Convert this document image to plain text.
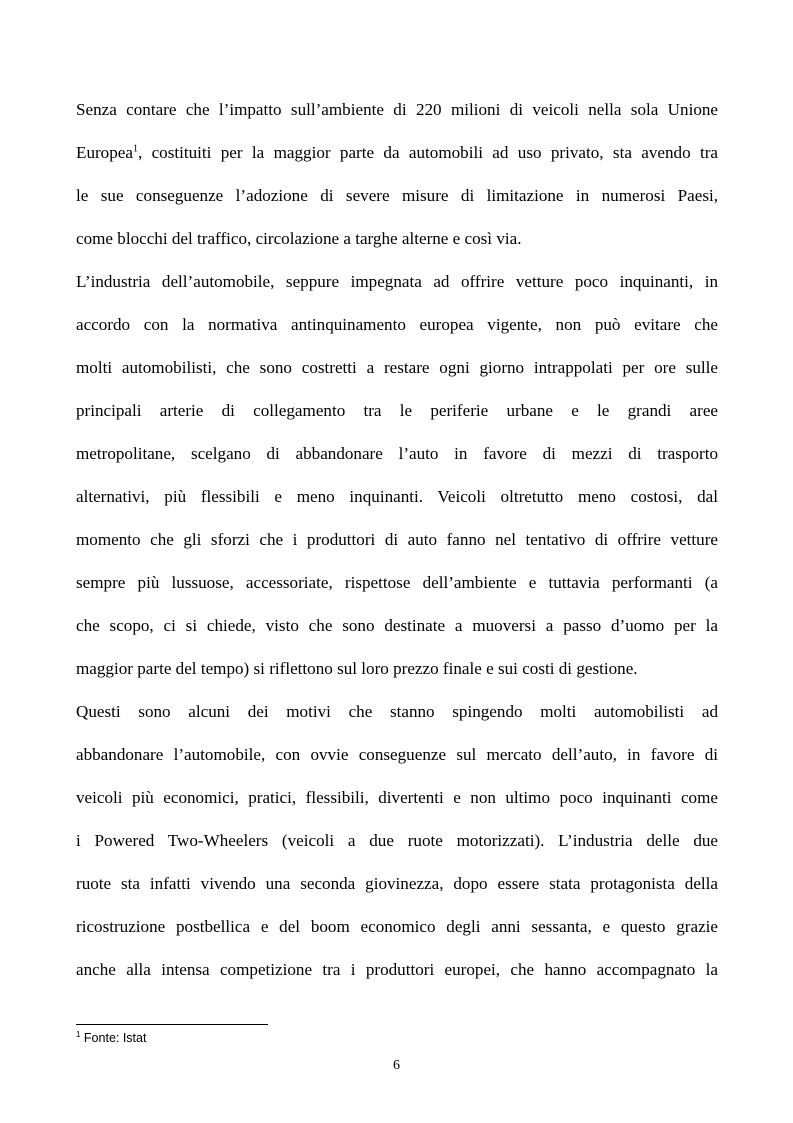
Senza contare che l’impatto sull’ambiente di 220 milioni di veicoli nella sola Unione
Europea$^1$, costituiti per la maggior parte da automobili ad uso privato, sta avendo tra
le sue conseguenze l’adozione di severe misure di limitazione in numerosi Paesi,
come blocchi del traffico, circolazione a targhe alterne e così via.
L’industria dell’automobile, seppure impegnata ad offrire vetture poco inquinanti, in
accordo con la normativa antinquinamento europea vigente, non può evitare che
molti automobilisti, che sono costretti a restare ogni giorno intrappolati per ore sulle
principali arterie di collegamento tra le periferie urbane e le grandi aree
metropolitane, scelgano di abbandonare l’auto in favore di mezzi di trasporto
alternativi, più flessibili e meno inquinanti. Veicoli oltretutto meno costosi, dal
momento che gli sforzi che i produttori di auto fanno nel tentativo di offrire vetture
sempre più lussuose, accessoriate, rispettose dell’ambiente e tuttavia performanti (a
che scopo, ci si chiede, visto che sono destinate a muoversi a passo d’uomo per la
maggior parte del tempo) si riflettono sul loro prezzo finale e sui costi di gestione.
Questi sono alcuni dei motivi che stanno spingendo molti automobilisti ad
abbandonare l’automobile, con ovvie conseguenze sul mercato dell’auto, in favore di
veicoli più economici, pratici, flessibili, divertenti e non ultimo poco inquinanti come
i Powered Two-Wheelers (veicoli a due ruote motorizzati). L’industria delle due
ruote sta infatti vivendo una seconda giovinezza, dopo essere stata protagonista della
ricostruzione postbellica e del boom economico degli anni sessanta, e questo grazie
anche alla intensa competizione tra i produttori europei, che hanno accompagnato la
$^1$ Fonte: Istat
6
